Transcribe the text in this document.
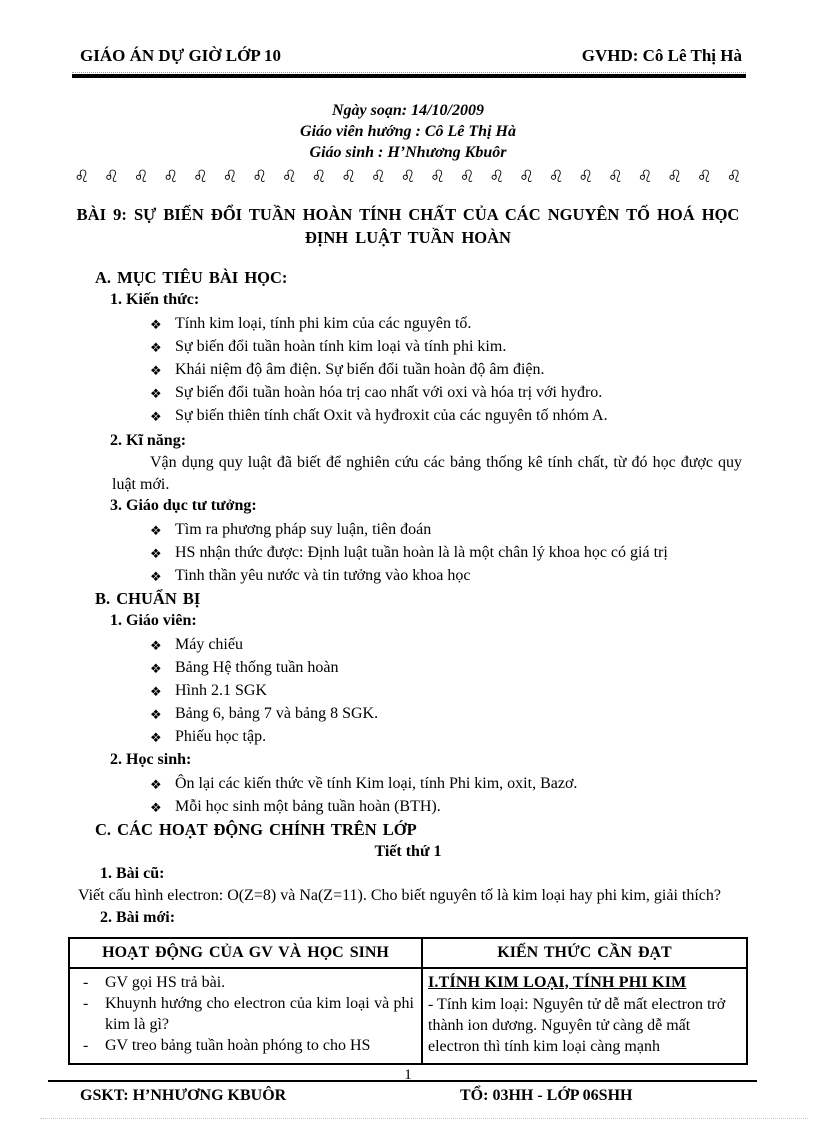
GIÁO ÁN DỰ GIỜ LỚP 10	GVHD: Cô Lê Thị Hà
Ngày soạn: 14/10/2009
Giáo viên hướng : Cô Lê Thị Hà
Giáo sinh : H’Nhương Kbuôr
♌ ♌ ♌ ♌ ♌ ♌ ♌ ♌ ♌ ♌ ♌ ♌ ♌ ♌ ♌ ♌ ♌ ♌ ♌ ♌ ♌ ♌ ♌
BÀI 9: SỰ BIẾN ĐỔI TUẦN HOÀN TÍNH CHẤT CỦA CÁC NGUYÊN TỐ HOÁ HỌC
ĐỊNH LUẬT TUẦN HOÀN
A. MỤC TIÊU BÀI HỌC:
1. Kiến thức:
❖ Tính kim loại, tính phi kim của các nguyên tố.
❖ Sự biến đổi tuần hoàn tính kim loại và tính phi kim.
❖ Khái niệm độ âm điện. Sự biến đổi tuần hoàn độ âm điện.
❖ Sự biến đổi tuần hoàn hóa trị cao nhất với oxi và hóa trị với hyđro.
❖ Sự biến thiên tính chất Oxit và hyđroxit của các nguyên tố nhóm A.
2. Kĩ năng:
Vận dụng quy luật đã biết để nghiên cứu các bảng thống kê tính chất, từ đó học được quy luật mới.
3. Giáo dục tư tưởng:
❖ Tìm ra phương pháp suy luận, tiên đoán
❖ HS nhận thức được: Định luật tuần hoàn là là một chân lý khoa học có giá trị
❖ Tinh thần yêu nước và tin tưởng vào khoa học
B. CHUẨN BỊ
1. Giáo viên:
❖ Máy chiếu
❖ Bảng Hệ thống tuần hoàn
❖ Hình 2.1 SGK
❖ Bảng 6, bảng 7 và bảng 8 SGK.
❖ Phiếu học tập.
2. Học sinh:
❖ Ôn lại các kiến thức về tính Kim loại, tính Phi kim, oxit, Bazơ.
❖ Mỗi học sinh một bảng tuần hoàn (BTH).
C. CÁC HOẠT ĐỘNG CHÍNH TRÊN LỚP
Tiết thứ 1
1. Bài cũ:
Viết cấu hình electron: O(Z=8) và Na(Z=11). Cho biết nguyên tố là kim loại hay phi kim, giải thích?
2. Bài mới:
HOẠT ĐỘNG CỦA GV VÀ HỌC SINH	KIẾN THỨC CẦN ĐẠT

-	GV gọi HS trả bài.
-	Khuynh hướng cho electron của kim loại và phi kim là gì?
-	GV treo bảng tuần hoàn phóng to cho HS

I.TÍNH KIM LOẠI, TÍNH PHI KIM
- Tính kim loại: Nguyên tử dễ mất electron trở thành ion dương. Nguyên tử càng dễ mất electron thì tính kim loại càng mạnh
1
GSKT: H’NHƯƠNG KBUÔR	TỔ: 03HH - LỚP 06SHH
